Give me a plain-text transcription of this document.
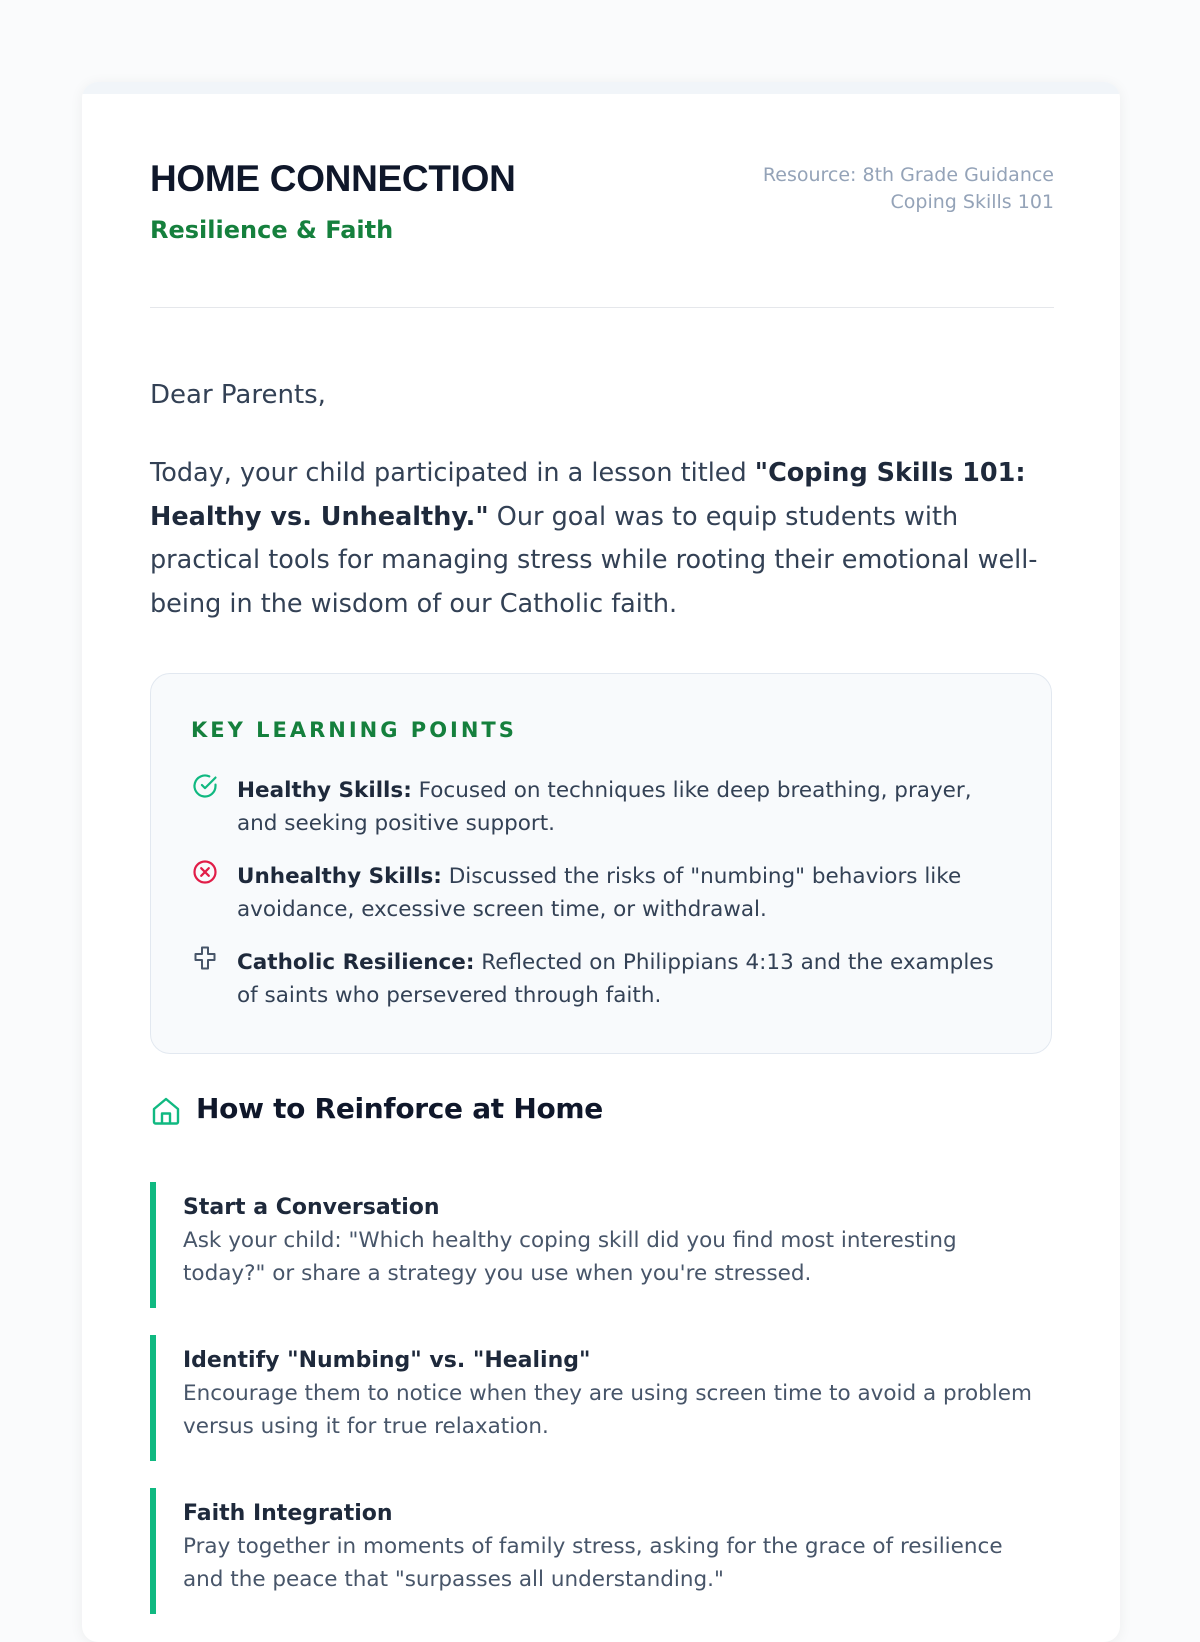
HOME CONNECTION
Resilience & Faith
Resource: 8th Grade Guidance
Coping Skills 101
Dear Parents,

Today, your child participated in a lesson titled "Coping Skills 101: Healthy vs. Unhealthy." Our goal was to equip students with practical tools for managing stress while rooting their emotional well-being in the wisdom of our Catholic faith.

KEY LEARNING POINTS
Healthy Skills: Focused on techniques like deep breathing, prayer, and seeking positive support.
Unhealthy Skills: Discussed the risks of "numbing" behaviors like avoidance, excessive screen time, or withdrawal.
Catholic Resilience: Reflected on Philippians 4:13 and the examples of saints who persevered through faith.
How to Reinforce at Home
Start a Conversation
Ask your child: "Which healthy coping skill did you find most interesting today?" or share a strategy you use when you're stressed.
Identify "Numbing" vs. "Healing"
Encourage them to notice when they are using screen time to avoid a problem versus using it for true relaxation.
Faith Integration
Pray together in moments of family stress, asking for the grace of resilience and the peace that "surpasses all understanding."
